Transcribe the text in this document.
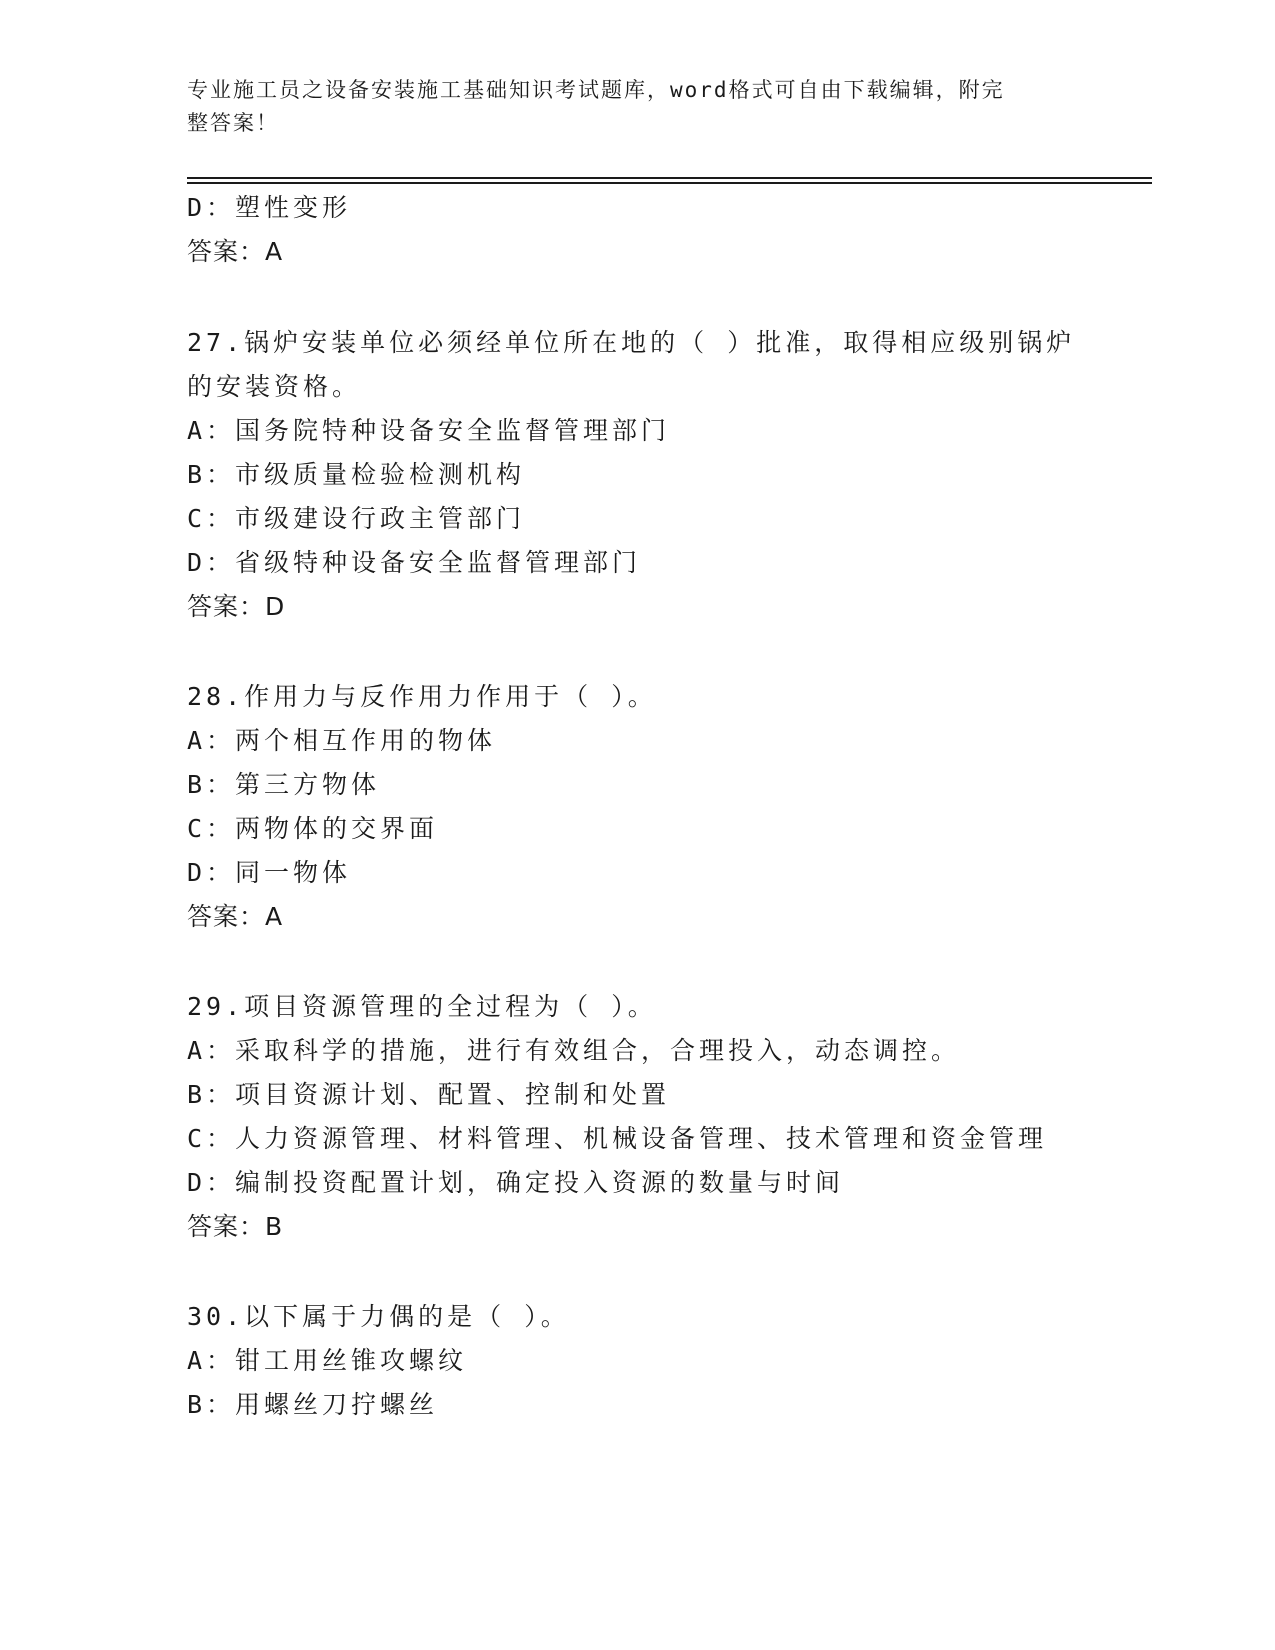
专业施工员之设备安装施工基础知识考试题库，word格式可自由下载编辑，附完
整答案！
D：塑性变形
答案：A
27.锅炉安装单位必须经单位所在地的（ ）批准，取得相应级别锅炉
的安装资格。
A：国务院特种设备安全监督管理部门
B：市级质量检验检测机构
C：市级建设行政主管部门
D：省级特种设备安全监督管理部门
答案：D
28.作用力与反作用力作用于（ ）。
A：两个相互作用的物体
B：第三方物体
C：两物体的交界面
D：同一物体
答案：A
29.项目资源管理的全过程为（ ）。
A：采取科学的措施，进行有效组合，合理投入，动态调控。
B：项目资源计划、配置、控制和处置
C：人力资源管理、材料管理、机械设备管理、技术管理和资金管理
D：编制投资配置计划，确定投入资源的数量与时间
答案：B
30.以下属于力偶的是（ ）。
A：钳工用丝锥攻螺纹
B：用螺丝刀拧螺丝
